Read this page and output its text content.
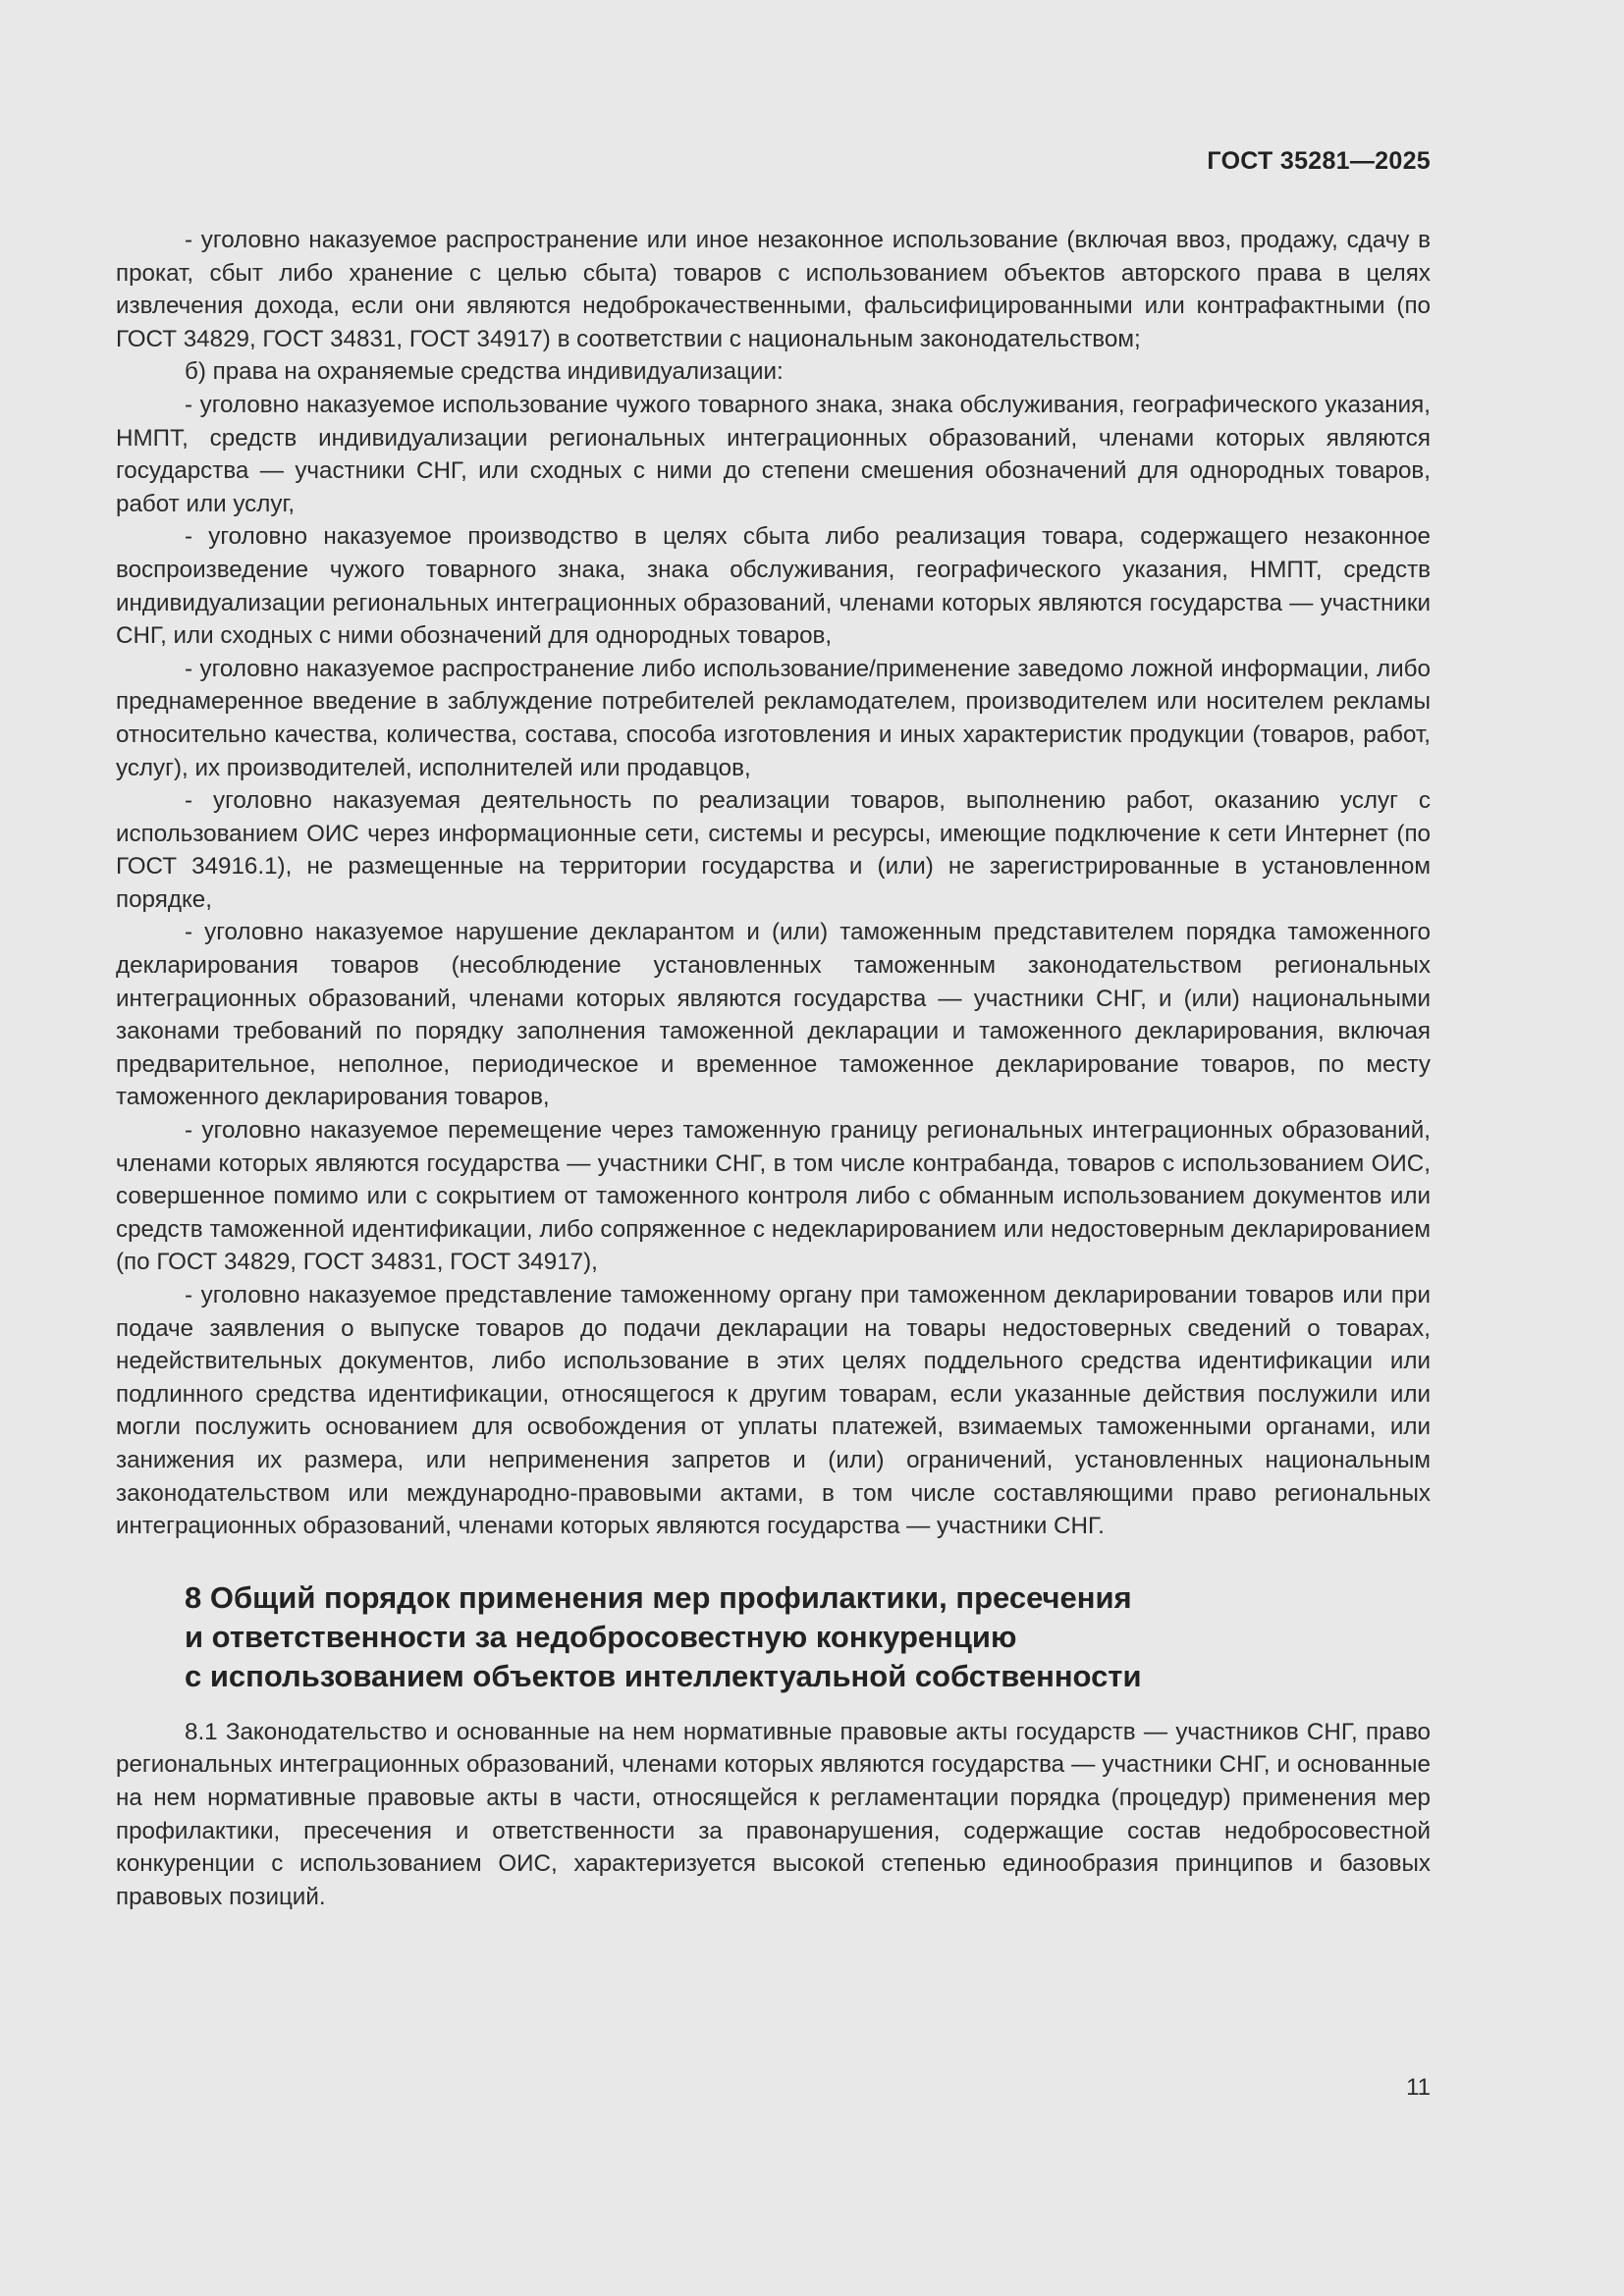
ГОСТ 35281—2025

- уголовно наказуемое распространение или иное незаконное использование (включая ввоз, продажу, сдачу в прокат, сбыт либо хранение с целью сбыта) товаров с использованием объектов авторского права в целях извлечения дохода, если они являются недоброкачественными, фальсифицированными или контрафактными (по ГОСТ 34829, ГОСТ 34831, ГОСТ 34917) в соответствии с национальным законодательством;

б) права на охраняемые средства индивидуализации:

- уголовно наказуемое использование чужого товарного знака, знака обслуживания, географического указания, НМПТ, средств индивидуализации региональных интеграционных образований, членами которых являются государства — участники СНГ, или сходных с ними до степени смешения обозначений для однородных товаров, работ или услуг,

- уголовно наказуемое производство в целях сбыта либо реализация товара, содержащего незаконное воспроизведение чужого товарного знака, знака обслуживания, географического указания, НМПТ, средств индивидуализации региональных интеграционных образований, членами которых являются государства — участники СНГ, или сходных с ними обозначений для однородных товаров,

- уголовно наказуемое распространение либо использование/применение заведомо ложной информации, либо преднамеренное введение в заблуждение потребителей рекламодателем, производителем или носителем рекламы относительно качества, количества, состава, способа изготовления и иных характеристик продукции (товаров, работ, услуг), их производителей, исполнителей или продавцов,

- уголовно наказуемая деятельность по реализации товаров, выполнению работ, оказанию услуг с использованием ОИС через информационные сети, системы и ресурсы, имеющие подключение к сети Интернет (по ГОСТ 34916.1), не размещенные на территории государства и (или) не зарегистрированные в установленном порядке,

- уголовно наказуемое нарушение декларантом и (или) таможенным представителем порядка таможенного декларирования товаров (несоблюдение установленных таможенным законодательством региональных интеграционных образований, членами которых являются государства — участники СНГ, и (или) национальными законами требований по порядку заполнения таможенной декларации и таможенного декларирования, включая предварительное, неполное, периодическое и временное таможенное декларирование товаров, по месту таможенного декларирования товаров,

- уголовно наказуемое перемещение через таможенную границу региональных интеграционных образований, членами которых являются государства — участники СНГ, в том числе контрабанда, товаров с использованием ОИС, совершенное помимо или с сокрытием от таможенного контроля либо с обманным использованием документов или средств таможенной идентификации, либо сопряженное с недекларированием или недостоверным декларированием (по ГОСТ 34829, ГОСТ 34831, ГОСТ 34917),

- уголовно наказуемое представление таможенному органу при таможенном декларировании товаров или при подаче заявления о выпуске товаров до подачи декларации на товары недостоверных сведений о товарах, недействительных документов, либо использование в этих целях поддельного средства идентификации или подлинного средства идентификации, относящегося к другим товарам, если указанные действия послужили или могли послужить основанием для освобождения от уплаты платежей, взимаемых таможенными органами, или занижения их размера, или неприменения запретов и (или) ограничений, установленных национальным законодательством или международно-правовыми актами, в том числе составляющими право региональных интеграционных образований, членами которых являются государства — участники СНГ.

8 Общий порядок применения мер профилактики, пресечения
и ответственности за недобросовестную конкуренцию
с использованием объектов интеллектуальной собственности

8.1 Законодательство и основанные на нем нормативные правовые акты государств — участников СНГ, право региональных интеграционных образований, членами которых являются государства — участники СНГ, и основанные на нем нормативные правовые акты в части, относящейся к регламентации порядка (процедур) применения мер профилактики, пресечения и ответственности за правонарушения, содержащие состав недобросовестной конкуренции с использованием ОИС, характеризуется высокой степенью единообразия принципов и базовых правовых позиций.

11
